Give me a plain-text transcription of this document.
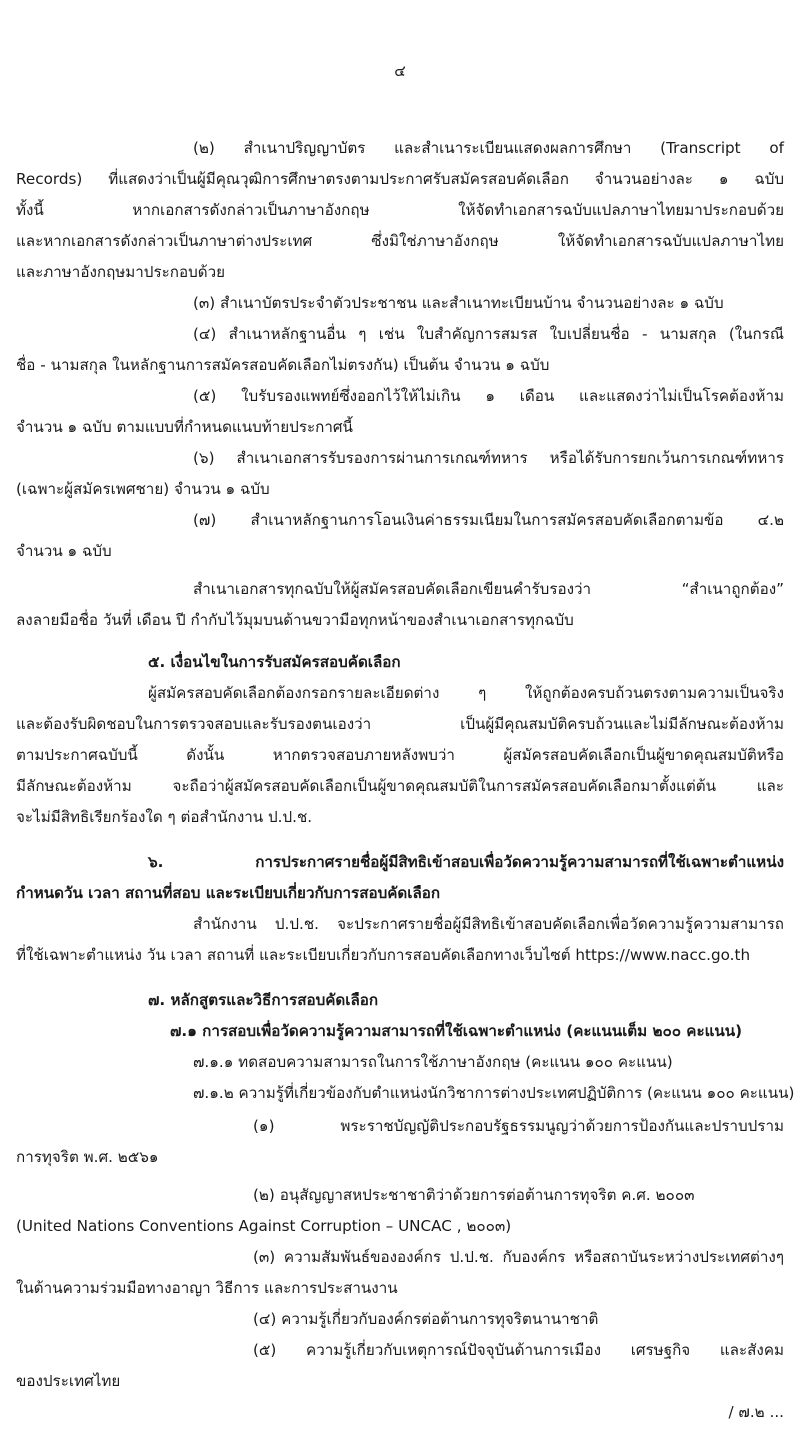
๔
(๒) สำเนาปริญญาบัตร และสำเนาระเบียนแสดงผลการศึกษา (Transcript of
Records) ที่แสดงว่าเป็นผู้มีคุณวุฒิการศึกษาตรงตามประกาศรับสมัครสอบคัดเลือก จำนวนอย่างละ ๑ ฉบับ
ทั้งนี้ หากเอกสารดังกล่าวเป็นภาษาอังกฤษ ให้จัดทำเอกสารฉบับแปลภาษาไทยมาประกอบด้วย
และหากเอกสารดังกล่าวเป็นภาษาต่างประเทศ ซึ่งมิใช่ภาษาอังกฤษ ให้จัดทำเอกสารฉบับแปลภาษาไทย
และภาษาอังกฤษมาประกอบด้วย
(๓) สำเนาบัตรประจำตัวประชาชน และสำเนาทะเบียนบ้าน จำนวนอย่างละ ๑ ฉบับ
(๔) สำเนาหลักฐานอื่น ๆ เช่น ใบสำคัญการสมรส ใบเปลี่ยนชื่อ - นามสกุล (ในกรณี
ชื่อ - นามสกุล ในหลักฐานการสมัครสอบคัดเลือกไม่ตรงกัน) เป็นต้น จำนวน ๑ ฉบับ
(๕) ใบรับรองแพทย์ซึ่งออกไว้ให้ไม่เกิน ๑ เดือน และแสดงว่าไม่เป็นโรคต้องห้าม
จำนวน ๑ ฉบับ ตามแบบที่กำหนดแนบท้ายประกาศนี้
(๖) สำเนาเอกสารรับรองการผ่านการเกณฑ์ทหาร หรือได้รับการยกเว้นการเกณฑ์ทหาร
(เฉพาะผู้สมัครเพศชาย) จำนวน ๑ ฉบับ
(๗) สำเนาหลักฐานการโอนเงินค่าธรรมเนียมในการสมัครสอบคัดเลือกตามข้อ ๔.๒
จำนวน ๑ ฉบับ
สำเนาเอกสารทุกฉบับให้ผู้สมัครสอบคัดเลือกเขียนคำรับรองว่า “สำเนาถูกต้อง”
ลงลายมือชื่อ วันที่ เดือน ปี กำกับไว้มุมบนด้านขวามือทุกหน้าของสำเนาเอกสารทุกฉบับ
๕. เงื่อนไขในการรับสมัครสอบคัดเลือก
ผู้สมัครสอบคัดเลือกต้องกรอกรายละเอียดต่าง ๆ ให้ถูกต้องครบถ้วนตรงตามความเป็นจริง
และต้องรับผิดชอบในการตรวจสอบและรับรองตนเองว่า เป็นผู้มีคุณสมบัติครบถ้วนและไม่มีลักษณะต้องห้าม
ตามประกาศฉบับนี้ ดังนั้น หากตรวจสอบภายหลังพบว่า ผู้สมัครสอบคัดเลือกเป็นผู้ขาดคุณสมบัติหรือ
มีลักษณะต้องห้าม จะถือว่าผู้สมัครสอบคัดเลือกเป็นผู้ขาดคุณสมบัติในการสมัครสอบคัดเลือกมาตั้งแต่ต้น และ
จะไม่มีสิทธิเรียกร้องใด ๆ ต่อสำนักงาน ป.ป.ช.
๖. การประกาศรายชื่อผู้มีสิทธิเข้าสอบเพื่อวัดความรู้ความสามารถที่ใช้เฉพาะตำแหน่ง
กำหนดวัน เวลา สถานที่สอบ และระเบียบเกี่ยวกับการสอบคัดเลือก
สำนักงาน ป.ป.ช. จะประกาศรายชื่อผู้มีสิทธิเข้าสอบคัดเลือกเพื่อวัดความรู้ความสามารถ
ที่ใช้เฉพาะตำแหน่ง วัน เวลา สถานที่ และระเบียบเกี่ยวกับการสอบคัดเลือกทางเว็บไซต์ https://www.nacc.go.th
๗. หลักสูตรและวิธีการสอบคัดเลือก
๗.๑ การสอบเพื่อวัดความรู้ความสามารถที่ใช้เฉพาะตำแหน่ง (คะแนนเต็ม ๒๐๐ คะแนน)
๗.๑.๑ ทดสอบความสามารถในการใช้ภาษาอังกฤษ (คะแนน ๑๐๐ คะแนน)
๗.๑.๒ ความรู้ที่เกี่ยวข้องกับตำแหน่งนักวิชาการต่างประเทศปฏิบัติการ (คะแนน ๑๐๐ คะแนน)
(๑) พระราชบัญญัติประกอบรัฐธรรมนูญว่าด้วยการป้องกันและปราบปราม
การทุจริต พ.ศ. ๒๕๖๑
(๒) อนุสัญญาสหประชาชาติว่าด้วยการต่อต้านการทุจริต ค.ศ. ๒๐๐๓
(United Nations Conventions Against Corruption – UNCAC , ๒๐๐๓)
(๓) ความสัมพันธ์ขององค์กร ป.ป.ช. กับองค์กร หรือสถาบันระหว่างประเทศต่างๆ
ในด้านความร่วมมือทางอาญา วิธีการ และการประสานงาน
(๔) ความรู้เกี่ยวกับองค์กรต่อต้านการทุจริตนานาชาติ
(๕) ความรู้เกี่ยวกับเหตุการณ์ปัจจุบันด้านการเมือง เศรษฐกิจ และสังคม
ของประเทศไทย
/ ๗.๒ ...
